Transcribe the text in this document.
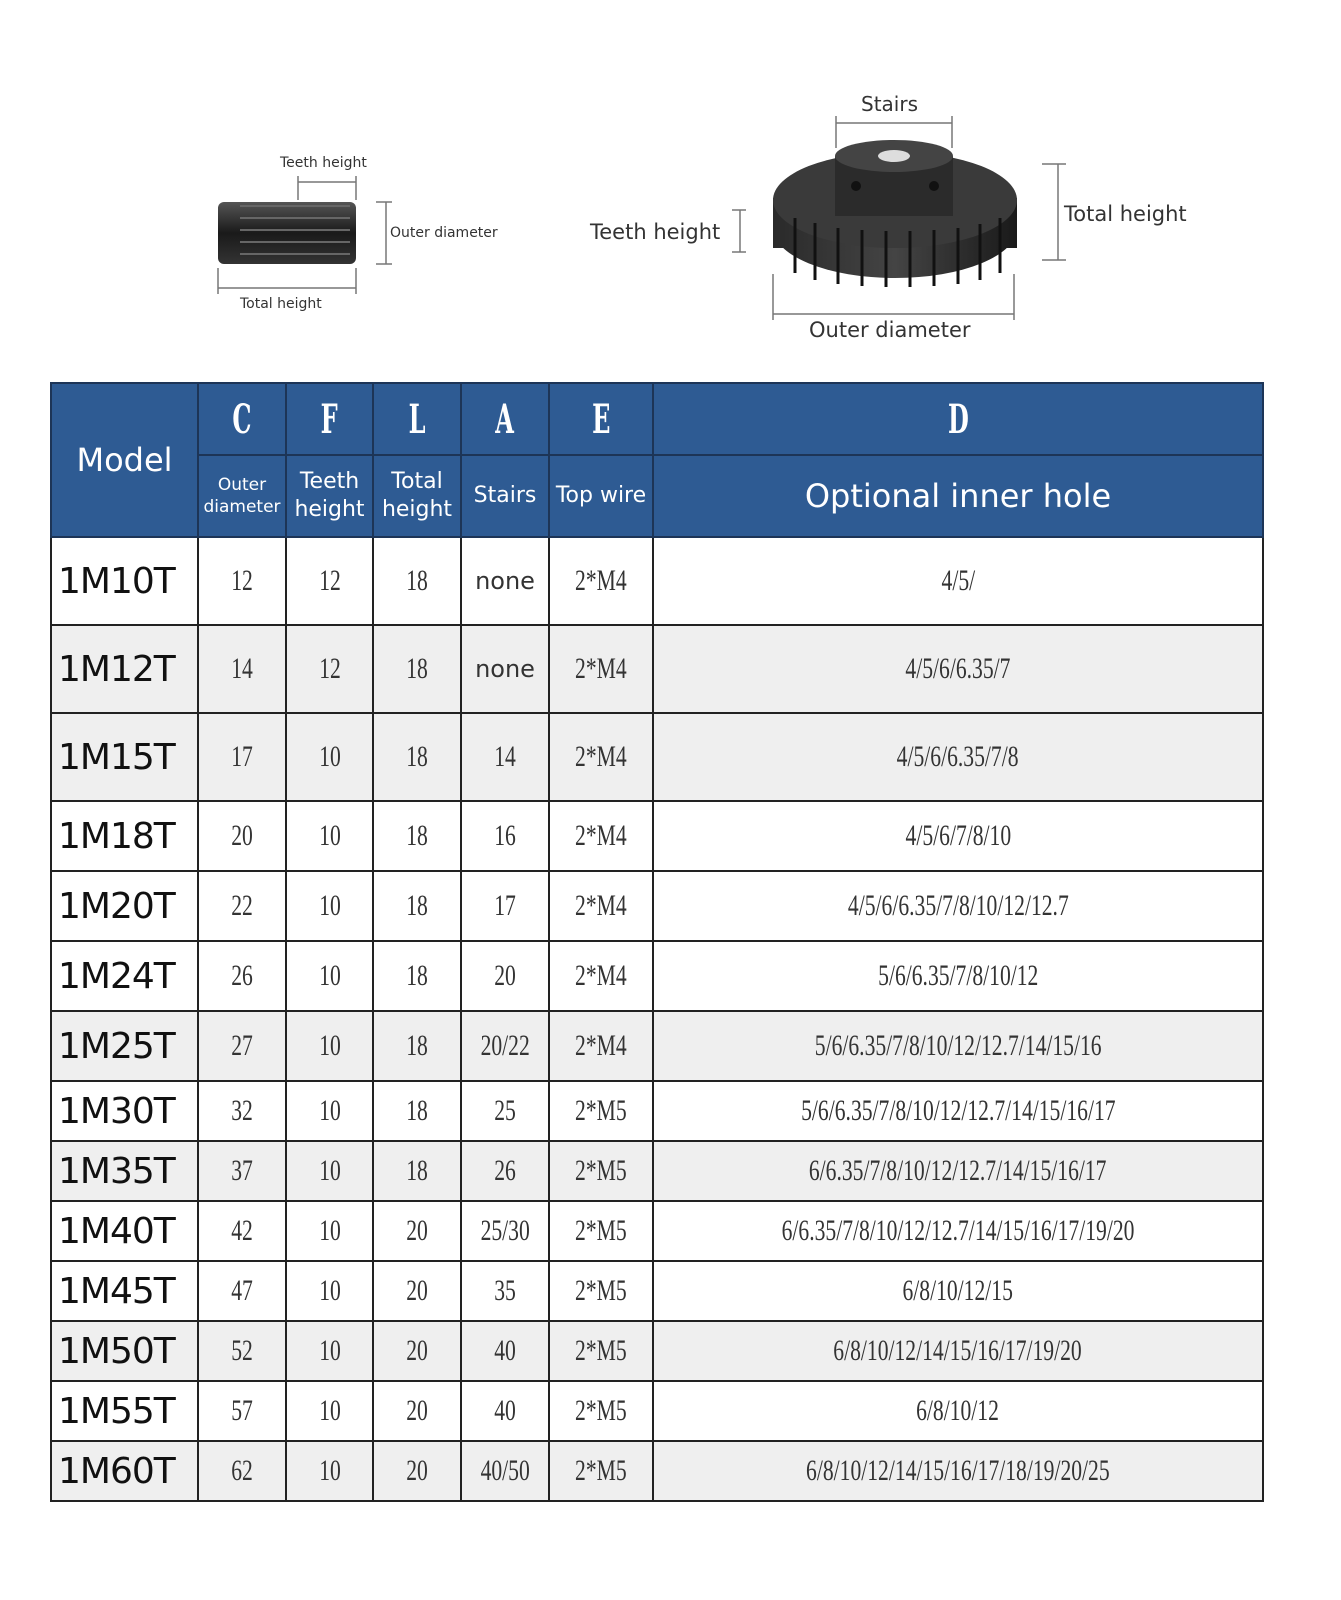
Teeth height
Outer diameter
Total height
Stairs
Teeth height
Total height
Outer diameter
Model	C	F	L	A	E	D
	Outer diameter	Teeth height	Total height	Stairs	Top wire	Optional inner hole
1M10T	12	12	18	none	2*M4	4/5/
1M12T	14	12	18	none	2*M4	4/5/6/6.35/7
1M15T	17	10	18	14	2*M4	4/5/6/6.35/7/8
1M18T	20	10	18	16	2*M4	4/5/6/7/8/10
1M20T	22	10	18	17	2*M4	4/5/6/6.35/7/8/10/12/12.7
1M24T	26	10	18	20	2*M4	5/6/6.35/7/8/10/12
1M25T	27	10	18	20/22	2*M4	5/6/6.35/7/8/10/12/12.7/14/15/16
1M30T	32	10	18	25	2*M5	5/6/6.35/7/8/10/12/12.7/14/15/16/17
1M35T	37	10	18	26	2*M5	6/6.35/7/8/10/12/12.7/14/15/16/17
1M40T	42	10	20	25/30	2*M5	6/6.35/7/8/10/12/12.7/14/15/16/17/19/20
1M45T	47	10	20	35	2*M5	6/8/10/12/15
1M50T	52	10	20	40	2*M5	6/8/10/12/14/15/16/17/19/20
1M55T	57	10	20	40	2*M5	6/8/10/12
1M60T	62	10	20	40/50	2*M5	6/8/10/12/14/15/16/17/18/19/20/25
